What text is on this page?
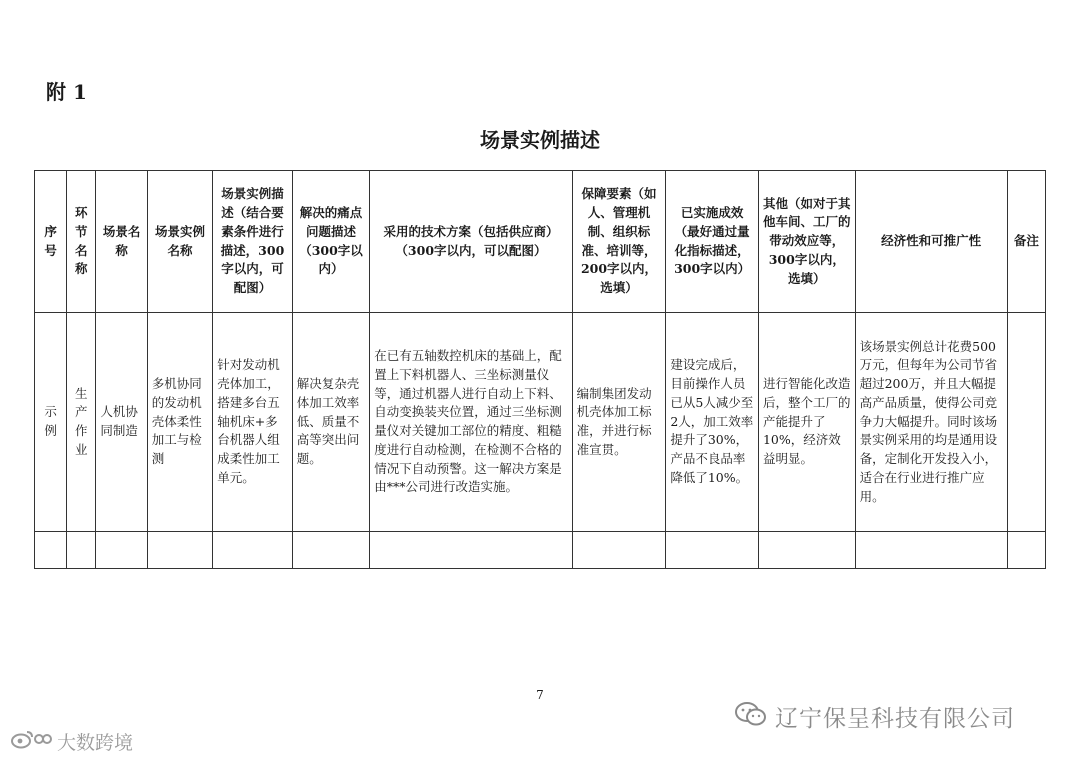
附 1
场景实例描述
序号	环节名称	场景名称	场景实例名称	场景实例描述（结合要素条件进行描述，300字以内，可配图）	解决的痛点问题描述（300字以内）	采用的技术方案（包括供应商）（300字以内，可以配图）	保障要素（如人、管理机制、组织标准、培训等，200字以内，选填）	已实施成效（最好通过量化指标描述，300字以内）	其他（如对于其他车间、工厂的带动效应等，300字以内，选填）	经济性和可推广性	备注
示例	生产作业	人机协同制造	多机协同的发动机壳体柔性加工与检测	针对发动机壳体加工，搭建多台五轴机床+多台机器人组成柔性加工单元。	解决复杂壳体加工效率低、质量不高等突出问题。	在已有五轴数控机床的基础上，配置上下料机器人、三坐标测量仪等，通过机器人进行自动上下料、自动变换装夹位置，通过三坐标测量仪对关键加工部位的精度、粗糙度进行自动检测，在检测不合格的情况下自动预警。这一解决方案是由***公司进行改造实施。	编制集团发动机壳体加工标准，并进行标准宣贯。	建设完成后，目前操作人员已从5人减少至2人，加工效率提升了30%，产品不良品率降低了10%。	进行智能化改造后，整个工厂的产能提升了10%，经济效益明显。	该场景实例总计花费500万元，但每年为公司节省超过200万，并且大幅提高产品质量，使得公司竞争力大幅提升。同时该场景实例采用的均是通用设备，定制化开发投入小，适合在行业进行推广应用。	

7
辽宁保呈科技有限公司
大数跨境
